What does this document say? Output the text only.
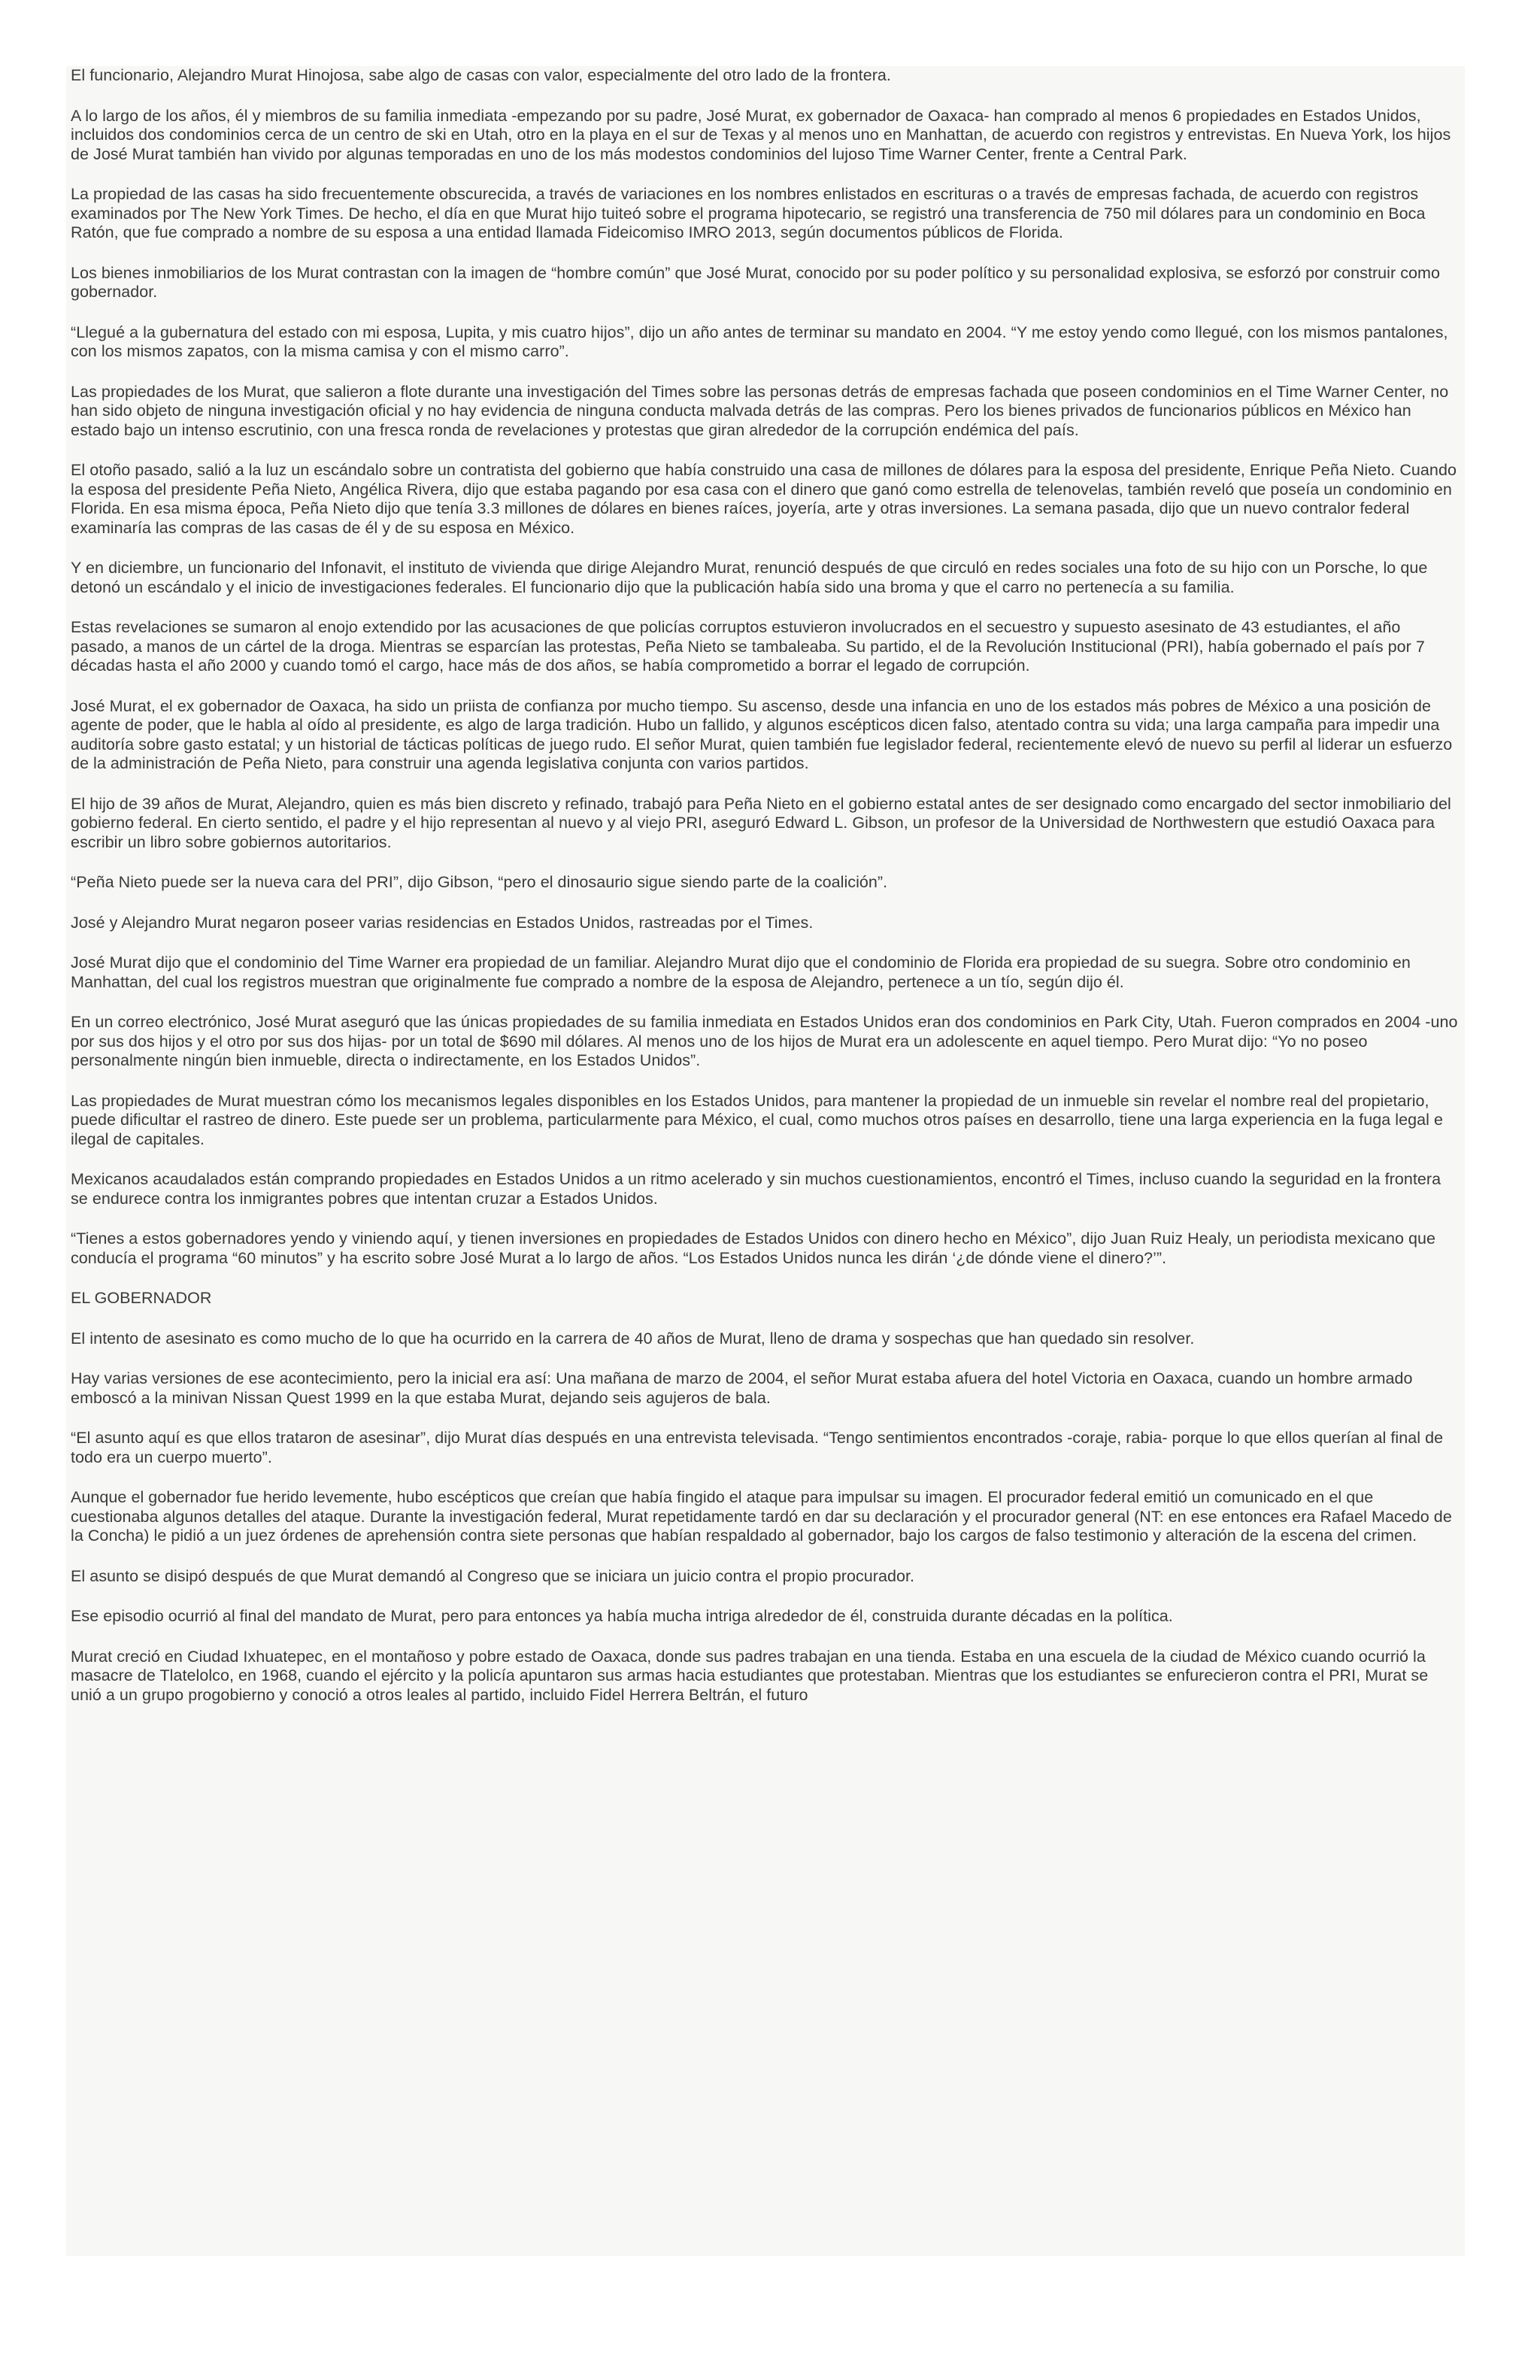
El funcionario, Alejandro Murat Hinojosa, sabe algo de casas con valor, especialmente del otro lado de la frontera.

A lo largo de los años, él y miembros de su familia inmediata -empezando por su padre, José Murat, ex gobernador de Oaxaca- han comprado al menos 6 propiedades en Estados Unidos, incluidos dos condominios cerca de un centro de ski en Utah, otro en la playa en el sur de Texas y al menos uno en Manhattan, de acuerdo con registros y entrevistas. En Nueva York, los hijos de José Murat también han vivido por algunas temporadas en uno de los más modestos condominios del lujoso Time Warner Center, frente a Central Park.

La propiedad de las casas ha sido frecuentemente obscurecida, a través de variaciones en los nombres enlistados en escrituras o a través de empresas fachada, de acuerdo con registros examinados por The New York Times. De hecho, el día en que Murat hijo tuiteó sobre el programa hipotecario, se registró una transferencia de 750 mil dólares para un condominio en Boca Ratón, que fue comprado a nombre de su esposa a una entidad llamada Fideicomiso IMRO 2013, según documentos públicos de Florida.

Los bienes inmobiliarios de los Murat contrastan con la imagen de “hombre común” que José Murat, conocido por su poder político y su personalidad explosiva, se esforzó por construir como gobernador.

“Llegué a la gubernatura del estado con mi esposa, Lupita, y mis cuatro hijos”, dijo un año antes de terminar su mandato en 2004. “Y me estoy yendo como llegué, con los mismos pantalones, con los mismos zapatos, con la misma camisa y con el mismo carro”.

Las propiedades de los Murat, que salieron a flote durante una investigación del Times sobre las personas detrás de empresas fachada que poseen condominios en el Time Warner Center, no han sido objeto de ninguna investigación oficial y no hay evidencia de ninguna conducta malvada detrás de las compras. Pero los bienes privados de funcionarios públicos en México han estado bajo un intenso escrutinio, con una fresca ronda de revelaciones y protestas que giran alrededor de la corrupción endémica del país.

El otoño pasado, salió a la luz un escándalo sobre un contratista del gobierno que había construido una casa de millones de dólares para la esposa del presidente, Enrique Peña Nieto. Cuando la esposa del presidente Peña Nieto, Angélica Rivera, dijo que estaba pagando por esa casa con el dinero que ganó como estrella de telenovelas, también reveló que poseía un condominio en Florida. En esa misma época, Peña Nieto dijo que tenía 3.3 millones de dólares en bienes raíces, joyería, arte y otras inversiones. La semana pasada, dijo que un nuevo contralor federal examinaría las compras de las casas de él y de su esposa en México.

Y en diciembre, un funcionario del Infonavit, el instituto de vivienda que dirige Alejandro Murat, renunció después de que circuló en redes sociales una foto de su hijo con un Porsche, lo que detonó un escándalo y el inicio de investigaciones federales. El funcionario dijo que la publicación había sido una broma y que el carro no pertenecía a su familia.

Estas revelaciones se sumaron al enojo extendido por las acusaciones de que policías corruptos estuvieron involucrados en el secuestro y supuesto asesinato de 43 estudiantes, el año pasado, a manos de un cártel de la droga. Mientras se esparcían las protestas, Peña Nieto se tambaleaba. Su partido, el de la Revolución Institucional (PRI), había gobernado el país por 7 décadas hasta el año 2000 y cuando tomó el cargo, hace más de dos años, se había comprometido a borrar el legado de corrupción.

José Murat, el ex gobernador de Oaxaca, ha sido un priista de confianza por mucho tiempo. Su ascenso, desde una infancia en uno de los estados más pobres de México a una posición de agente de poder, que le habla al oído al presidente, es algo de larga tradición. Hubo un fallido, y algunos escépticos dicen falso, atentado contra su vida; una larga campaña para impedir una auditoría sobre gasto estatal; y un historial de tácticas políticas de juego rudo. El señor Murat, quien también fue legislador federal, recientemente elevó de nuevo su perfil al liderar un esfuerzo de la administración de Peña Nieto, para construir una agenda legislativa conjunta con varios partidos.

El hijo de 39 años de Murat, Alejandro, quien es más bien discreto y refinado, trabajó para Peña Nieto en el gobierno estatal antes de ser designado como encargado del sector inmobiliario del gobierno federal. En cierto sentido, el padre y el hijo representan al nuevo y al viejo PRI, aseguró Edward L. Gibson, un profesor de la Universidad de Northwestern que estudió Oaxaca para escribir un libro sobre gobiernos autoritarios.

“Peña Nieto puede ser la nueva cara del PRI”, dijo Gibson, “pero el dinosaurio sigue siendo parte de la coalición”.

José y Alejandro Murat negaron poseer varias residencias en Estados Unidos, rastreadas por el Times.

José Murat dijo que el condominio del Time Warner era propiedad de un familiar. Alejandro Murat dijo que el condominio de Florida era propiedad de su suegra. Sobre otro condominio en Manhattan, del cual los registros muestran que originalmente fue comprado a nombre de la esposa de Alejandro, pertenece a un tío, según dijo él.

En un correo electrónico, José Murat aseguró que las únicas propiedades de su familia inmediata en Estados Unidos eran dos condominios en Park City, Utah. Fueron comprados en 2004 -uno por sus dos hijos y el otro por sus dos hijas- por un total de $690 mil dólares. Al menos uno de los hijos de Murat era un adolescente en aquel tiempo. Pero Murat dijo: “Yo no poseo personalmente ningún bien inmueble, directa o indirectamente, en los Estados Unidos”.

Las propiedades de Murat muestran cómo los mecanismos legales disponibles en los Estados Unidos, para mantener la propiedad de un inmueble sin revelar el nombre real del propietario, puede dificultar el rastreo de dinero. Este puede ser un problema, particularmente para México, el cual, como muchos otros países en desarrollo, tiene una larga experiencia en la fuga legal e ilegal de capitales.

Mexicanos acaudalados están comprando propiedades en Estados Unidos a un ritmo acelerado y sin muchos cuestionamientos, encontró el Times, incluso cuando la seguridad en la frontera se endurece contra los inmigrantes pobres que intentan cruzar a Estados Unidos.

“Tienes a estos gobernadores yendo y viniendo aquí, y tienen inversiones en propiedades de Estados Unidos con dinero hecho en México”, dijo Juan Ruiz Healy, un periodista mexicano que conducía el programa “60 minutos” y ha escrito sobre José Murat a lo largo de años. “Los Estados Unidos nunca les dirán ‘¿de dónde viene el dinero?’”.

EL GOBERNADOR

El intento de asesinato es como mucho de lo que ha ocurrido en la carrera de 40 años de Murat, lleno de drama y sospechas que han quedado sin resolver.

Hay varias versiones de ese acontecimiento, pero la inicial era así: Una mañana de marzo de 2004, el señor Murat estaba afuera del hotel Victoria en Oaxaca, cuando un hombre armado emboscó a la minivan Nissan Quest 1999 en la que estaba Murat, dejando seis agujeros de bala.

“El asunto aquí es que ellos trataron de asesinar”, dijo Murat días después en una entrevista televisada. “Tengo sentimientos encontrados -coraje, rabia- porque lo que ellos querían al final de todo era un cuerpo muerto”.

Aunque el gobernador fue herido levemente, hubo escépticos que creían que había fingido el ataque para impulsar su imagen. El procurador federal emitió un comunicado en el que cuestionaba algunos detalles del ataque. Durante la investigación federal, Murat repetidamente tardó en dar su declaración y el procurador general (NT: en ese entonces era Rafael Macedo de la Concha) le pidió a un juez órdenes de aprehensión contra siete personas que habían respaldado al gobernador, bajo los cargos de falso testimonio y alteración de la escena del crimen.

El asunto se disipó después de que Murat demandó al Congreso que se iniciara un juicio contra el propio procurador.

Ese episodio ocurrió al final del mandato de Murat, pero para entonces ya había mucha intriga alrededor de él, construida durante décadas en la política.

Murat creció en Ciudad Ixhuatepec, en el montañoso y pobre estado de Oaxaca, donde sus padres trabajan en una tienda. Estaba en una escuela de la ciudad de México cuando ocurrió la masacre de Tlatelolco, en 1968, cuando el ejército y la policía apuntaron sus armas hacia estudiantes que protestaban. Mientras que los estudiantes se enfurecieron contra el PRI, Murat se unió a un grupo progobierno y conoció a otros leales al partido, incluido Fidel Herrera Beltrán, el futuro
